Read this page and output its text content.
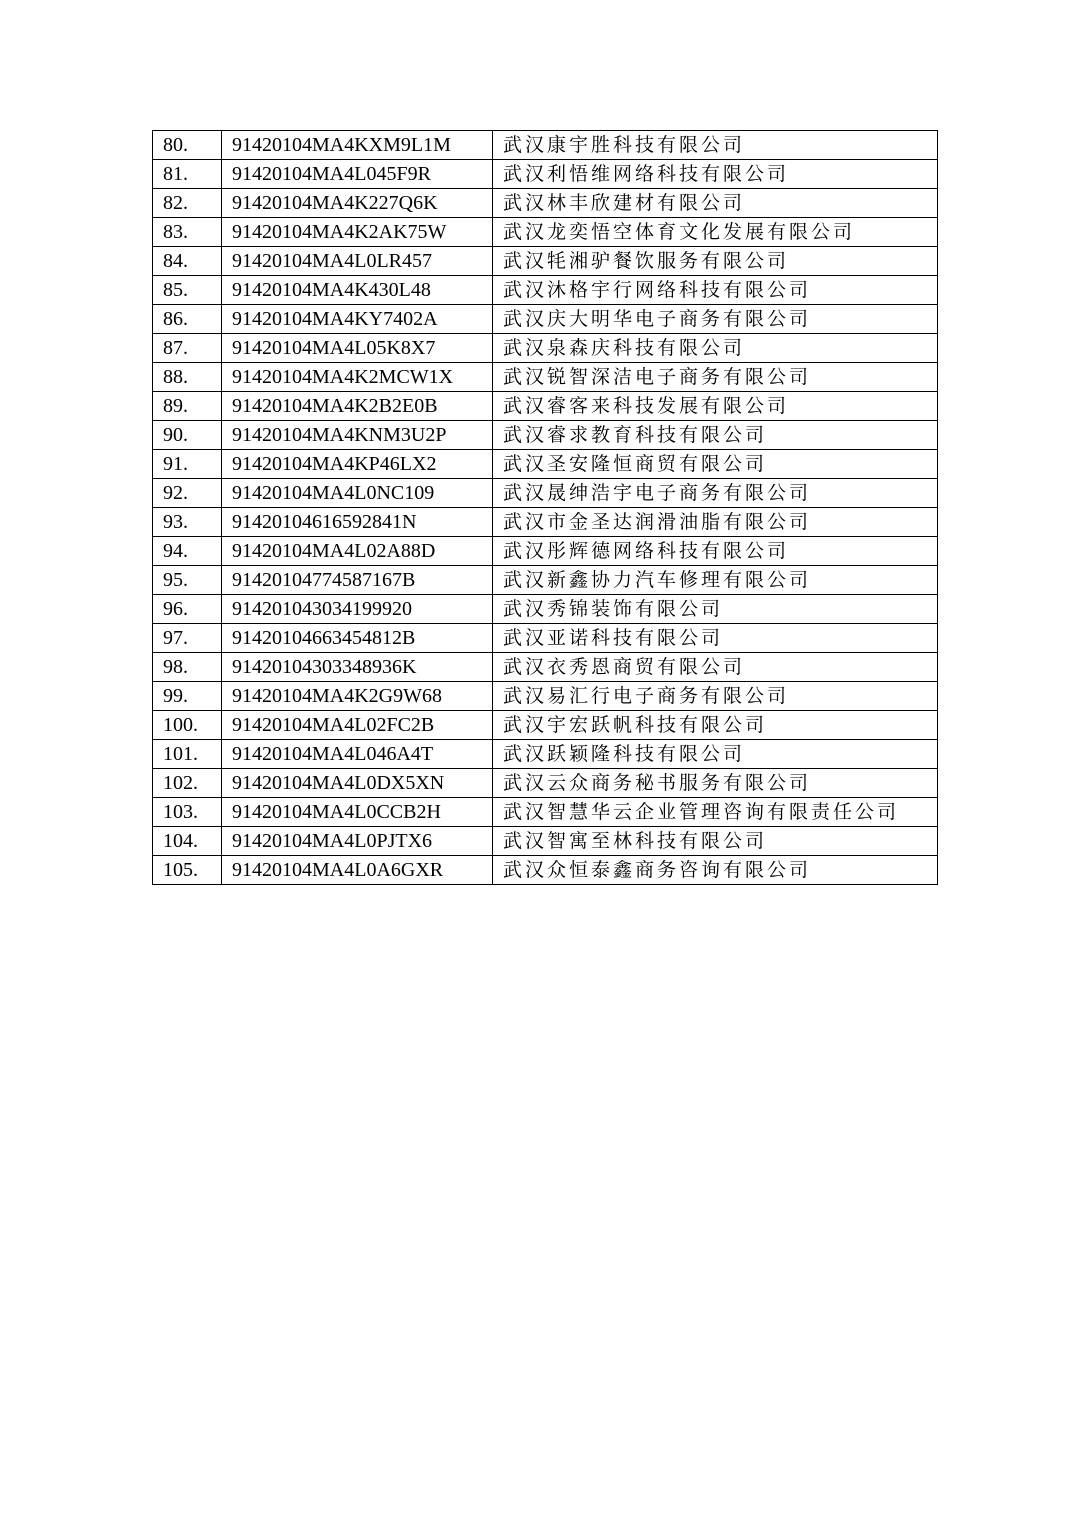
80.	91420104MA4KXM9L1M	武汉康宇胜科技有限公司
81.	91420104MA4L045F9R	武汉利悟维网络科技有限公司
82.	91420104MA4K227Q6K	武汉林丰欣建材有限公司
83.	91420104MA4K2AK75W	武汉龙奕悟空体育文化发展有限公司
84.	91420104MA4L0LR457	武汉牦湘驴餐饮服务有限公司
85.	91420104MA4K430L48	武汉沐格宇行网络科技有限公司
86.	91420104MA4KY7402A	武汉庆大明华电子商务有限公司
87.	91420104MA4L05K8X7	武汉泉森庆科技有限公司
88.	91420104MA4K2MCW1X	武汉锐智深洁电子商务有限公司
89.	91420104MA4K2B2E0B	武汉睿客来科技发展有限公司
90.	91420104MA4KNM3U2P	武汉睿求教育科技有限公司
91.	91420104MA4KP46LX2	武汉圣安隆恒商贸有限公司
92.	91420104MA4L0NC109	武汉晟绅浩宇电子商务有限公司
93.	91420104616592841N	武汉市金圣达润滑油脂有限公司
94.	91420104MA4L02A88D	武汉彤辉德网络科技有限公司
95.	91420104774587167B	武汉新鑫协力汽车修理有限公司
96.	914201043034199920	武汉秀锦装饰有限公司
97.	91420104663454812B	武汉亚诺科技有限公司
98.	91420104303348936K	武汉衣秀恩商贸有限公司
99.	91420104MA4K2G9W68	武汉易汇行电子商务有限公司
100.	91420104MA4L02FC2B	武汉宇宏跃帆科技有限公司
101.	91420104MA4L046A4T	武汉跃颖隆科技有限公司
102.	91420104MA4L0DX5XN	武汉云众商务秘书服务有限公司
103.	91420104MA4L0CCB2H	武汉智慧华云企业管理咨询有限责任公司
104.	91420104MA4L0PJTX6	武汉智寓至林科技有限公司
105.	91420104MA4L0A6GXR	武汉众恒泰鑫商务咨询有限公司
